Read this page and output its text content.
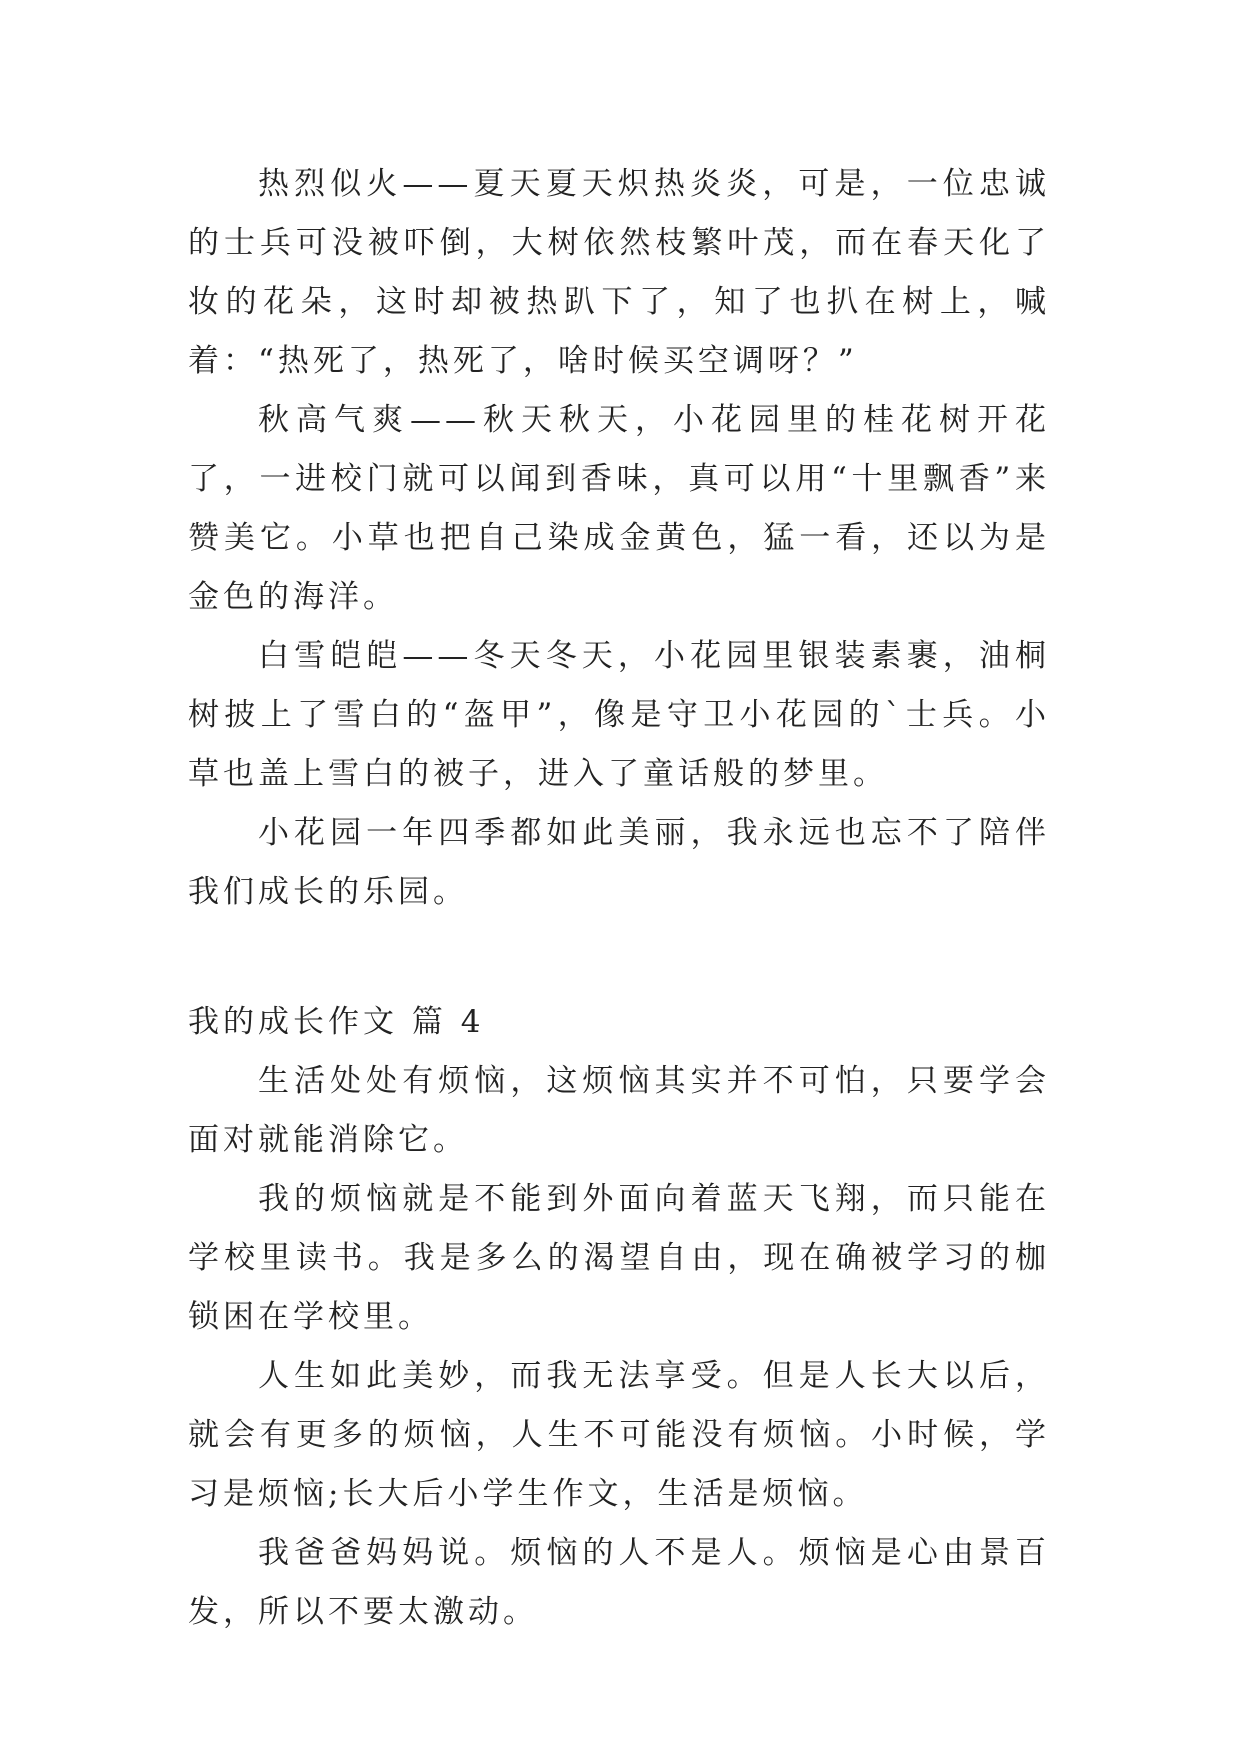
热烈似火——夏天夏天炽热炎炎，可是，一位忠诚的士兵可没被吓倒，大树依然枝繁叶茂，而在春天化了妆的花朵，这时却被热趴下了，知了也扒在树上，喊着：“热死了，热死了，啥时候买空调呀？”

秋高气爽——秋天秋天，小花园里的桂花树开花了，一进校门就可以闻到香味，真可以用“十里飘香”来赞美它。小草也把自己染成金黄色，猛一看，还以为是金色的海洋。

白雪皑皑——冬天冬天，小花园里银装素裹，油桐树披上了雪白的“盔甲”，像是守卫小花园的`士兵。小草也盖上雪白的被子，进入了童话般的梦里。

小花园一年四季都如此美丽，我永远也忘不了陪伴我们成长的乐园。

我的成长作文 篇 4

生活处处有烦恼，这烦恼其实并不可怕，只要学会面对就能消除它。

我的烦恼就是不能到外面向着蓝天飞翔，而只能在学校里读书。我是多么的渴望自由，现在确被学习的枷锁困在学校里。

人生如此美妙，而我无法享受。但是人长大以后，就会有更多的烦恼，人生不可能没有烦恼。小时候，学习是烦恼;长大后小学生作文，生活是烦恼。

我爸爸妈妈说。烦恼的人不是人。烦恼是心由景百发，所以不要太激动。
